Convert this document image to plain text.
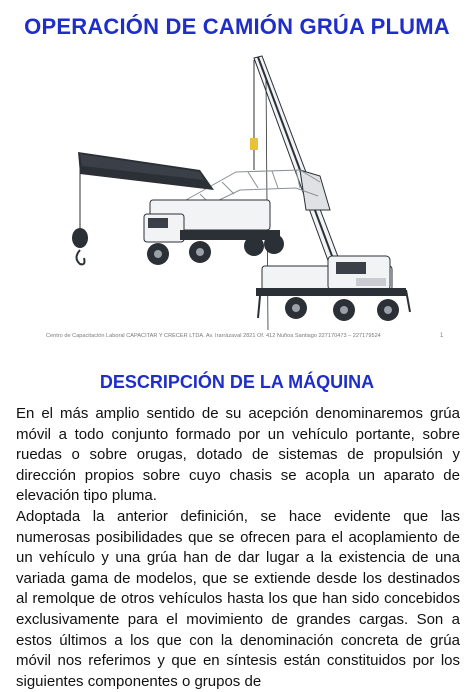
OPERACIÓN DE CAMIÓN GRÚA PLUMA
Centro de Capacitación Laboral CAPACITAR Y CRECER LTDA. Av. Irarrázaval 2821 Of. 412 Ñuñoa Santiago 227170473 – 227179524	1
DESCRIPCIÓN DE LA MÁQUINA

En el más amplio sentido de su acepción denominaremos grúa móvil a todo conjunto formado por un vehículo portante, sobre ruedas o sobre orugas, dotado de sistemas de propulsión y dirección propios sobre cuyo chasis se acopla un aparato de elevación tipo pluma.

Adoptada la anterior definición, se hace evidente que las numerosas posibilidades que se ofrecen para el acoplamiento de un vehículo y una grúa han de dar lugar a la existencia de una variada gama de modelos, que se extiende desde los destinados al remolque de otros vehículos hasta los que han sido concebidos exclusivamente para el movimiento de grandes cargas. Son a estos últimos a los que con la denominación concreta de grúa móvil nos referimos y que en síntesis están constituidos por los siguientes componentes o grupos de
